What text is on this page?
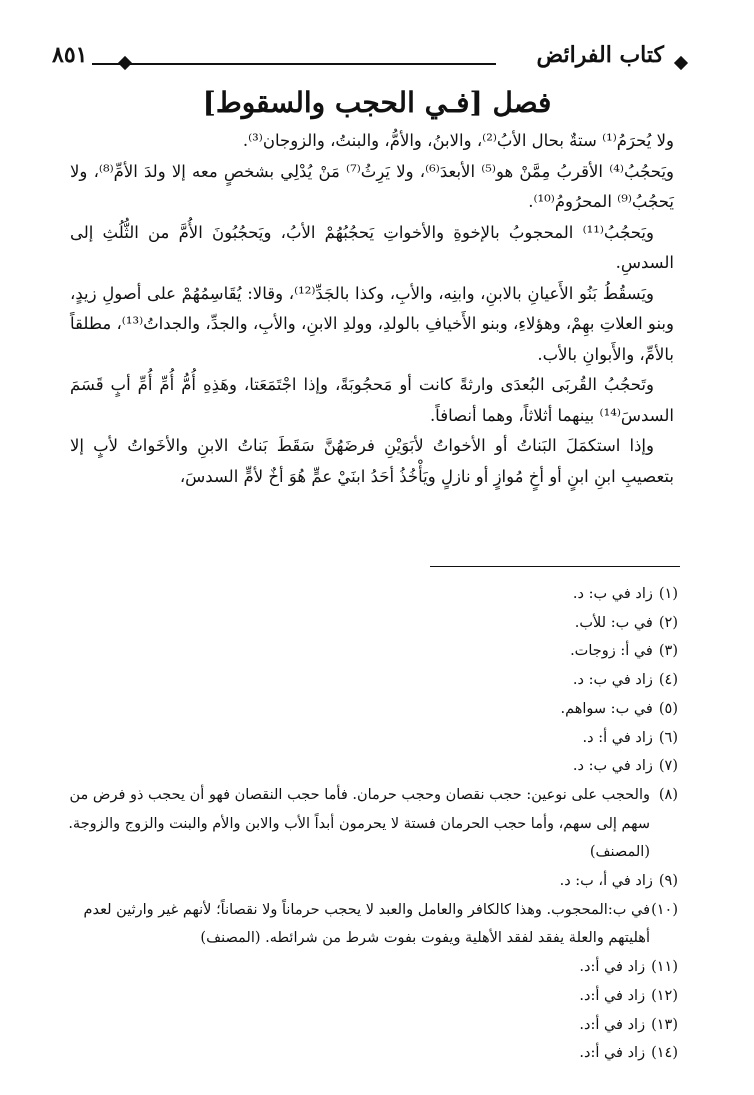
كتاب الفرائض
٨٥١
فصل [فـي الحجب والسقوط]

ولا يُحرَمُ⁽¹⁾ ستةٌ بحال الأبُ⁽²⁾، والابنُ، والأمُّ، والبنتُ، والزوجان⁽³⁾.

ويَحجُبُ⁽⁴⁾ الأقربُ مِمَّنْ هو⁽⁵⁾ الأبعدَ⁽⁶⁾، ولا يَرِثُ⁽⁷⁾ مَنْ يُدْلِي بشخصٍ معه إلا ولدَ الأمِّ⁽⁸⁾، ولا يَحجُبُ⁽⁹⁾ المحرُومُ⁽¹⁰⁾.

ويَحجُبُ⁽¹¹⁾ المحجوبُ بالإخوةِ والأخواتِ يَحجُبُهُمْ الأبُ، ويَحجُبُونَ الأُمَّ من الثُّلُثِ إلى السدسِ.

ويَسقُطُ بَنُو الأَعيانِ بالابنِ، وابنِه، والأبِ، وكذا بالجَدِّ⁽¹²⁾، وقالا: يُقَاسِمُهُمْ على أصولِ زيدٍ، وبنو العلاتِ بهِمْ، وهؤلاءِ، وبنو الأَخيافِ بالولدِ، وولدِ الابنِ، والأبِ، والجدِّ، والجداتُ⁽¹³⁾، مطلقاً بالأمِّ، والأَبوانِ بالأب.

وتَحجُبُ القُربَى البُعدَى وارثةً كانت أو مَحجُوبَةً، وإذا اجْتَمَعَتا، وهَذِهِ أُمُّ أُمِّ أُمِّ أبٍ قَسَمَ السدسَ⁽¹⁴⁾ بينهما أثلاثاً، وهما أنصافاً.

وإذا استكمَلَ البَناتُ أو الأخواتُ لأبَوَيْنِ فرضَهُنَّ سَقَطَ بَناتُ الابنِ والأخَواتُ لأبٍ إلا بتعصيبِ ابنِ ابنٍ أو أخٍ مُوازٍ أو نازلٍ ويَأْخُذُ أحَدُ ابنَيْ عمٍّ هُوَ أخٌ لأمٍّ السدسَ،

(١)زاد في ب: د.

(٢)في ب: للأب.

(٣)في أ: زوجات.

(٤)زاد في ب: د.

(٥)في ب: سواهم.

(٦)زاد في أ: د.

(٧)زاد في ب: د.

(٨)والحجب على نوعين: حجب نقصان وحجب حرمان. فأما حجب النقصان فهو أن يحجب ذو فرض من سهم إلى سهم، وأما حجب الحرمان فستة لا يحرمون أبداً الأب والابن والأم والبنت والزوج والزوجة. (المصنف)

(٩)زاد في أ، ب: د.

(١٠)في ب:المحجوب. وهذا كالكافر والعامل والعبد لا يحجب حرماناً ولا نقصاناً؛ لأنهم غير وارثين لعدم أهليتهم والعلة يفقد لفقد الأهلية ويفوت بفوت شرط من شرائطه. (المصنف)

(١١)زاد في أ:د.

(١٢)زاد في أ:د.

(١٣)زاد في أ:د.

(١٤)زاد في أ:د.
